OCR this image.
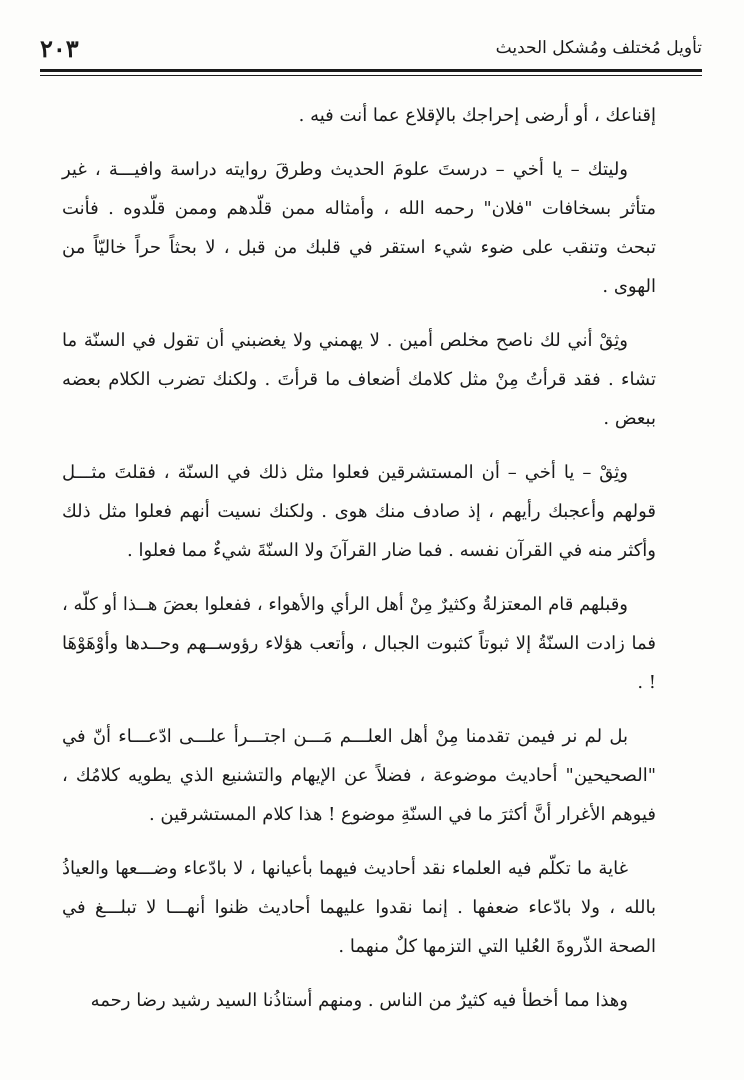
٢٠٣	تأويل مُختلف ومُشكل الحديث

إقناعك ، أو أرضى إحراجك بالإقلاع عما أنت فيه .

وليتك – يا أخي – درستَ علومَ الحديث وطرقَ روايته دراسة وافيـــة ، غير متأثر بسخافات "فلان" رحمه الله ، وأمثاله ممن قلّدهم وممن قلّدوه . فأنت تبحث وتنقب على ضوء شيء استقر في قلبك من قبل ، لا بحثاً حراً خاليّاً من الهوى .

وثِقْ أني لك ناصح مخلص أمين . لا يهمني ولا يغضبني أن تقول في السنّة ما تشاء . فقد قرأتُ مِنْ مثل كلامك أضعاف ما قرأتَ . ولكنك تضرب الكلام بعضه ببعض .

وثِقْ – يا أخي – أن المستشرقين فعلوا مثل ذلك في السنّة ، فقلتَ مثـــل قولهم وأعجبك رأيهم ، إذ صادف منك هوى . ولكنك نسيت أنهم فعلوا مثل ذلك وأكثر منه في القرآن نفسه . فما ضار القرآنَ ولا السنّةَ شيءٌ مما فعلوا .

وقبلهم قام المعتزلةُ وكثيرٌ مِنْ أهل الرأي والأهواء ، ففعلوا بعضَ هــذا أو كلّه ، فما زادت السنّةُ إلا ثبوتاً كثبوت الجبال ، وأتعب هؤلاء رؤوســهم وحــدها وأوْهَوْهَا ! .

بل لم نر فيمن تقدمنا مِنْ أهل العلـــم مَـــن اجتـــرأ علـــى ادّعـــاء أنّ في "الصحيحين" أحاديث موضوعة ، فضلاً عن الإيهام والتشنيع الذي يطويه كلامُك ، فيوهم الأغرار أنَّ أكثرَ ما في السنّةِ موضوع ! هذا كلام المستشرقين .

غاية ما تكلّم فيه العلماء نقد أحاديث فيهما بأعيانها ، لا بادّعاء وضـــعها والعياذُ بالله ، ولا بادّعاء ضعفها . إنما نقدوا عليهما أحاديث ظنوا أنهـــا لا تبلـــغ في الصحة الذّروةَ العُليا التي التزمها كلٌ منهما .

وهذا مما أخطأ فيه كثيرٌ من الناس . ومنهم أستاذُنا السيد رشيد رضا رحمه
